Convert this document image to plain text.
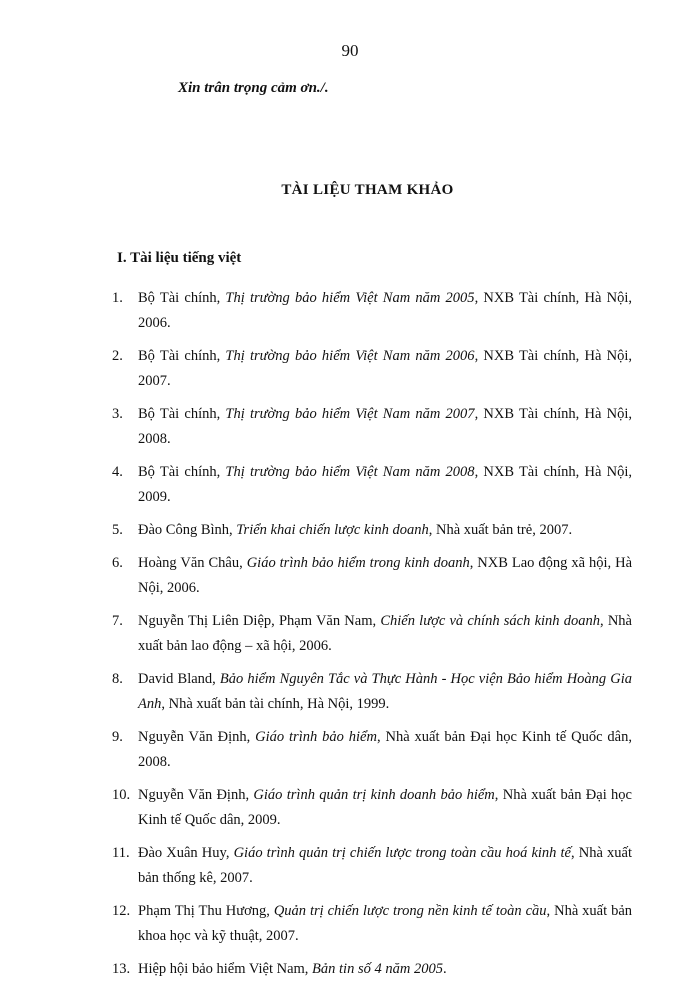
90
Xin trân trọng cảm ơn./.
TÀI LIỆU THAM KHẢO
I. Tài liệu tiếng việt
1.	Bộ Tài chính, Thị trường bảo hiểm Việt Nam năm 2005, NXB Tài chính, Hà Nội, 2006.
2.	Bộ Tài chính, Thị trường bảo hiểm Việt Nam năm 2006, NXB Tài chính, Hà Nội, 2007.
3.	Bộ Tài chính, Thị trường bảo hiểm Việt Nam năm 2007, NXB Tài chính, Hà Nội, 2008.
4.	Bộ Tài chính, Thị trường bảo hiểm Việt Nam năm 2008, NXB Tài chính, Hà Nội, 2009.
5.	Đào Công Bình, Triển khai chiến lược kinh doanh, Nhà xuất bản trẻ, 2007.
6.	Hoàng Văn Châu, Giáo trình bảo hiểm trong kinh doanh, NXB Lao động xã hội, Hà Nội, 2006.
7.	Nguyễn Thị Liên Diệp, Phạm Văn Nam, Chiến lược và chính sách kinh doanh, Nhà xuất bản lao động – xã hội, 2006.
8.	David Bland, Bảo hiểm Nguyên Tắc và Thực Hành - Học viện Bảo hiểm Hoàng Gia Anh, Nhà xuất bản tài chính, Hà Nội, 1999.
9.	Nguyễn Văn Định, Giáo trình bảo hiểm, Nhà xuất bản Đại học Kinh tế Quốc dân, 2008.
10. Nguyễn Văn Định, Giáo trình quản trị kinh doanh bảo hiểm, Nhà xuất bản Đại học Kinh tế Quốc dân, 2009.
11. Đào Xuân Huy, Giáo trình quản trị chiến lược trong toàn cầu hoá kinh tế, Nhà xuất bản thống kê, 2007.
12. Phạm Thị Thu Hương, Quản trị chiến lược trong nền kinh tế toàn cầu, Nhà xuất bản khoa học và kỹ thuật, 2007.
13. Hiệp hội bảo hiểm Việt Nam, Bản tin số 4 năm 2005.
